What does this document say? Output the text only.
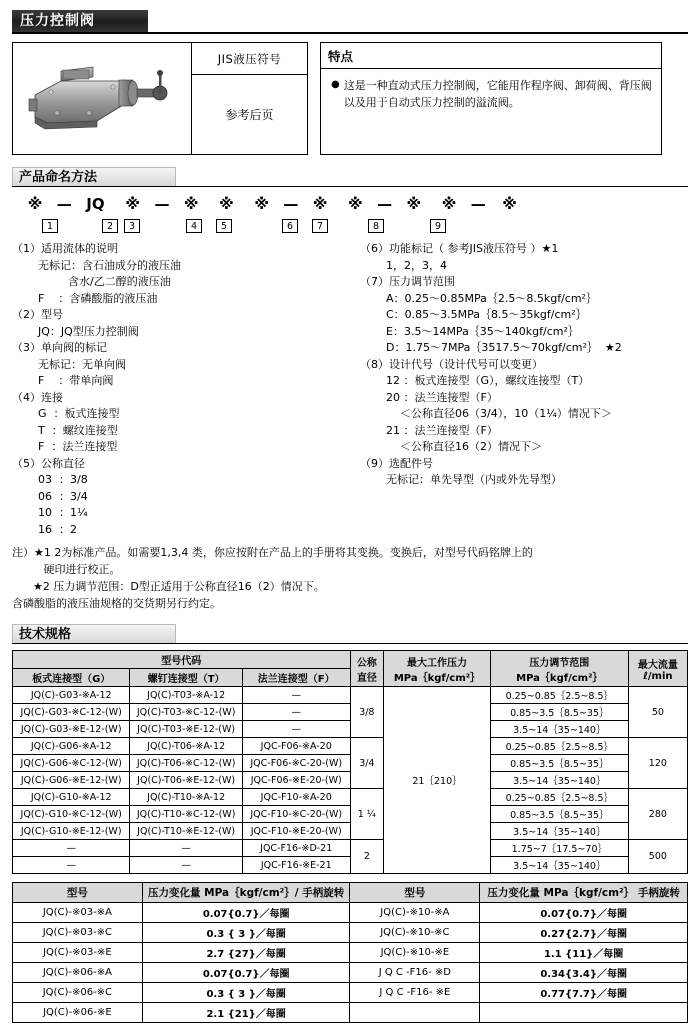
压力控制阀
JIS液压符号
参考后页
特点
● 这是一种直动式压力控制阀，它能用作程序阀、卸荷阀、背压阀以及用于自动式压力控制的溢流阀。
产品命名方法
※ — JQ ※ — ※ ※ ※ — ※ ※ — ※ ※ — ※
1	2	3	4	5	6	7	8	9
（1）适用流体的说明
无标记：含石油成分的液压油
含水/乙二醇的液压油
F    ：含磷酸脂的液压油
（2）型号
JQ：JQ型压力控制阀
（3）单向阀的标记
无标记：无单向阀
F    ：带单向阀
（4）连接
G  ：板式连接型
T  ：螺纹连接型
F  ：法兰连接型
（5）公称直径
03  ：3/8
06  ：3/4
10  ：1¼
16  ：2
（6）功能标记（ 参考JIS液压符号 ）★1
1，2，3，4
（7）压力调节范围
A：0.25～0.85MPa｛2.5～8.5kgf/cm²｝
C：0.85～3.5MPa｛8.5～35kgf/cm²｝
E：3.5～14MPa｛35～140kgf/cm²｝
D：1.75～7MPa｛3517.5～70kgf/cm²｝  ★2
（8）设计代号（设计代号可以变更）
12 ：板式连接型（G），螺纹连接型（T）
20 ：法兰连接型（F）
＜公称直径06（3/4），10（1¼）情况下＞
21 ：法兰连接型（F）
＜公称直径16（2）情况下＞
（9）选配件号
无标记：单先导型（内或外先导型）
注）★1 2为标准产品。如需要1,3,4 类，你应按附在产品上的手册将其变换。变换后，对型号代码铭牌上的
硬印进行校正。
★2 压力调节范围：D型正适用于公称直径16（2）情况下。
含磷酸脂的液压油规格的交货期另行约定。
技术规格
型号代码	公称直径

最大工作压力
MPa｛kgf/cm²｝

压力调节范围
MPa｛kgf/cm²｝

最大流量
ℓ/min

板式连接型（G）	螺钉连接型（T）	法兰连接型（F）				
JQ(C)-G03-※A-12	JQ(C)-T03-※A-12	—	3/8	21｛210｝	0.25~0.85｛2.5~8.5｝	50
JQ(C)-G03-※C-12-(W)	JQ(C)-T03-※C-12-(W)	—			0.85~3.5｛8.5~35｝	
JQ(C)-G03-※E-12-(W)	JQ(C)-T03-※E-12-(W)	—			3.5~14｛35~140｝	
JQ(C)-G06-※A-12	JQ(C)-T06-※A-12	JQC-F06-※A-20	3/4		0.25~0.85｛2.5~8.5｝	120
JQ(C)-G06-※C-12-(W)	JQ(C)-T06-※C-12-(W)	JQC-F06-※C-20-(W)			0.85~3.5｛8.5~35｝	
JQ(C)-G06-※E-12-(W)	JQ(C)-T06-※E-12-(W)	JQC-F06-※E-20-(W)			3.5~14｛35~140｝	
JQ(C)-G10-※A-12	JQ(C)-T10-※A-12	JQC-F10-※A-20	1 ¼		0.25~0.85｛2.5~8.5｝	280
JQ(C)-G10-※C-12-(W)	JQ(C)-T10-※C-12-(W)	JQC-F10-※C-20-(W)			0.85~3.5｛8.5~35｝	
JQ(C)-G10-※E-12-(W)	JQ(C)-T10-※E-12-(W)	JQC-F10-※E-20-(W)			3.5~14｛35~140｝	
—	—	JQC-F16-※D-21	2		1.75~7｛17.5~70｝	500
—	—	JQC-F16-※E-21			3.5~14｛35~140｝	
型号	压力变化量 MPa｛kgf/cm²｝/ 手柄旋转	型号	压力变化量 MPa｛kgf/cm²｝ 手柄旋转
JQ(C)-※03-※A	0.07{0.7}／每圈	JQ(C)-※10-※A	0.07{0.7}／每圈
JQ(C)-※03-※C	0.3 { 3 }／每圈	JQ(C)-※10-※C	0.27{2.7}／每圈
JQ(C)-※03-※E	2.7 {27}／每圈	JQ(C)-※10-※E	1.1 {11}／每圈
JQ(C)-※06-※A	0.07{0.7}／每圈	J Q C -F16- ※D	0.34{3.4}／每圈
JQ(C)-※06-※C	0.3 { 3 }／每圈	J Q C -F16- ※E	0.77{7.7}／每圈
JQ(C)-※06-※E	2.1 {21}／每圈		
